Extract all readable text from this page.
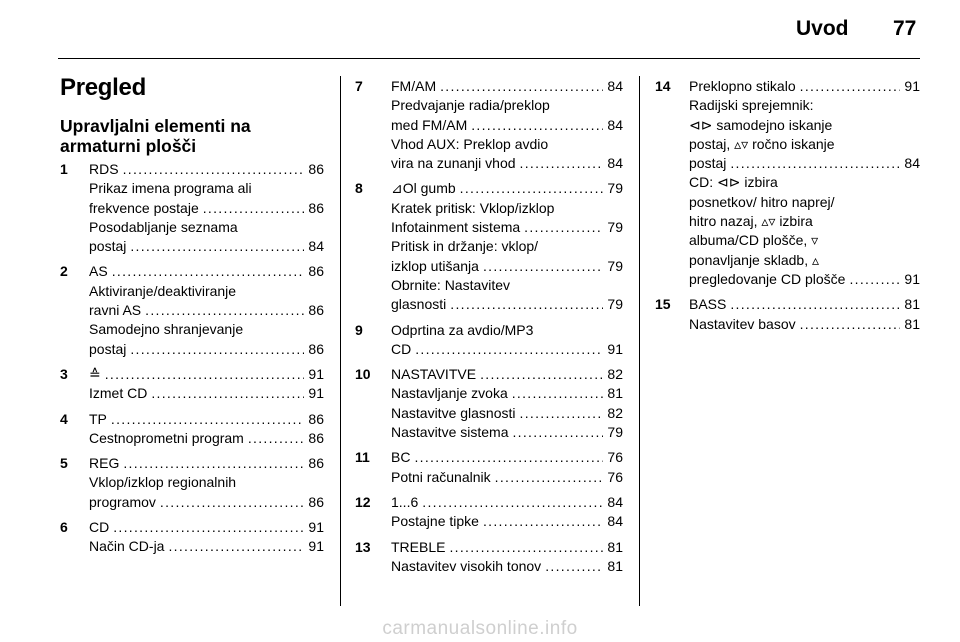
Uvod 77
Pregled
Upravljalni elementi na armaturni plošči
1	RDS .....	86
Prikaz imena programa ali
frekvence postaje .....	86
Posodabljanje seznama
postaj .....	84
2	AS .....	86
Aktiviranje/deaktiviranje
ravni AS .....	86
Samodejno shranjevanje
postaj .....	86
3	≙ .....	91
Izmet CD .....	91
4	TP .....	86
Cestnoprometni program .....	86
5	REG .....	86
Vklop/izklop regionalnih
programov .....	86
6	CD .....	91
Način CD-ja .....	91
7	FM/AM .....	84
Predvajanje radia/preklop
med FM/AM .....	84
Vhod AUX: Preklop avdio
vira na zunanji vhod .....	84
8	⊿Ol gumb .....	79
Kratek pritisk: Vklop/izklop
Infotainment sistema .....	79
Pritisk in držanje: vklop/
izklop utišanja .....	79
Obrnite: Nastavitev
glasnosti .....	79
9	Odprtina za avdio/MP3
CD .....	91
10	NASTAVITVE .....	82
Nastavljanje zvoka .....	81
Nastavitve glasnosti .....	82
Nastavitve sistema .....	79
11	BC .....	76
Potni računalnik .....	76
12	1...6 .....	84
Postajne tipke .....	84
13	TREBLE .....	81
Nastavitev visokih tonov .....	81
14	Preklopno stikalo .....	91
Radijski sprejemnik:
⊲⊳ samodejno iskanje
postaj, ▵▿ ročno iskanje
postaj .....	84
CD: ⊲⊳ izbira
posnetkov/ hitro naprej/
hitro nazaj, ▵▿ izbira
albuma/CD plošče, ▿
ponavljanje skladb, ▵
pregledovanje CD plošče .....	91
15	BASS .....	81
Nastavitev basov .....	81
carmanualsonline.info
